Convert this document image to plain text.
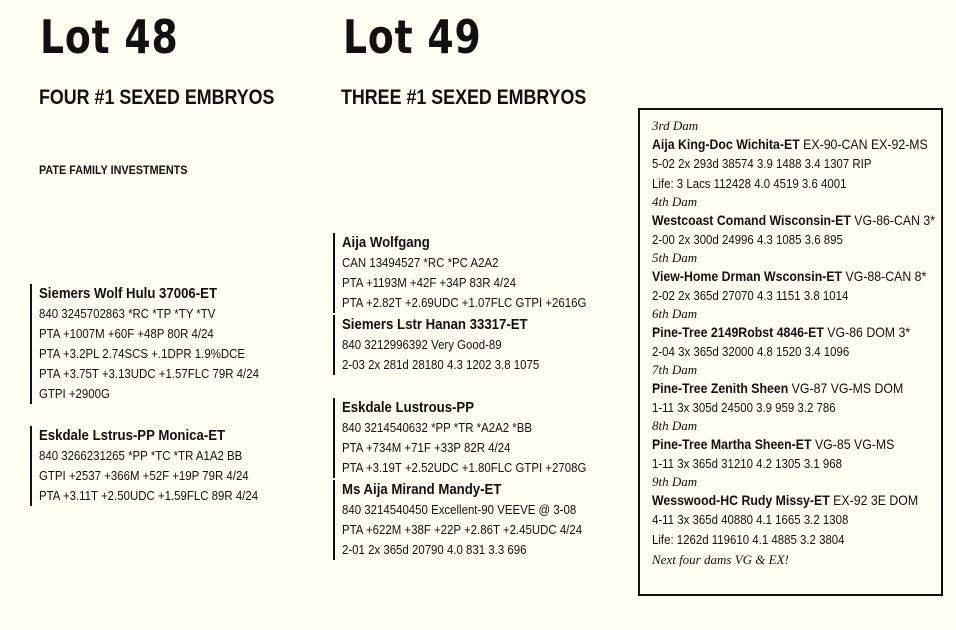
Lot 48
FOUR #1 SEXED EMBRYOS
PATE FAMILY INVESTMENTS
Siemers Wolf Hulu 37006-ET
840 3245702863 *RC *TP *TY *TV
PTA +1007M +60F +48P 80R 4/24
PTA +3.2PL 2.74SCS +.1DPR 1.9%DCE
PTA +3.75T +3.13UDC +1.57FLC 79R 4/24
GTPI +2900G
Eskdale Lstrus-PP Monica-ET
840 3266231265 *PP *TC *TR A1A2 BB
GTPI +2537 +366M +52F +19P 79R 4/24
PTA +3.11T +2.50UDC +1.59FLC 89R 4/24
Lot 49
THREE #1 SEXED EMBRYOS
Aija Wolfgang
CAN 13494527 *RC *PC A2A2
PTA +1193M +42F +34P 83R 4/24
PTA +2.82T +2.69UDC +1.07FLC GTPI +2616G
Siemers Lstr Hanan 33317-ET
840 3212996392 Very Good-89
2-03 2x 281d 28180 4.3 1202 3.8 1075
Eskdale Lustrous-PP
840 3214540632 *PP *TR *A2A2 *BB
PTA +734M +71F +33P 82R 4/24
PTA +3.19T +2.52UDC +1.80FLC GTPI +2708G
Ms Aija Mirand Mandy-ET
840 3214540450 Excellent-90 VEEVE @ 3-08
PTA +622M +38F +22P +2.86T +2.45UDC 4/24
2-01 2x 365d 20790 4.0 831 3.3 696
3rd Dam
Aija King-Doc Wichita-ET EX-90-CAN EX-92-MS
5-02 2x 293d 38574 3.9 1488 3.4 1307 RIP
Life: 3 Lacs 112428 4.0 4519 3.6 4001
4th Dam
Westcoast Comand Wisconsin-ET VG-86-CAN 3*
2-00 2x 300d 24996 4.3 1085 3.6 895
5th Dam
View-Home Drman Wsconsin-ET VG-88-CAN 8*
2-02 2x 365d 27070 4.3 1151 3.8 1014
6th Dam
Pine-Tree 2149Robst 4846-ET VG-86 DOM 3*
2-04 3x 365d 32000 4.8 1520 3.4 1096
7th Dam
Pine-Tree Zenith Sheen VG-87 VG-MS DOM
1-11 3x 305d 24500 3.9 959 3.2 786
8th Dam
Pine-Tree Martha Sheen-ET VG-85 VG-MS
1-11 3x 365d 31210 4.2 1305 3.1 968
9th Dam
Wesswood-HC Rudy Missy-ET EX-92 3E DOM
4-11 3x 365d 40880 4.1 1665 3.2 1308
Life: 1262d 119610 4.1 4885 3.2 3804
Next four dams VG & EX!
